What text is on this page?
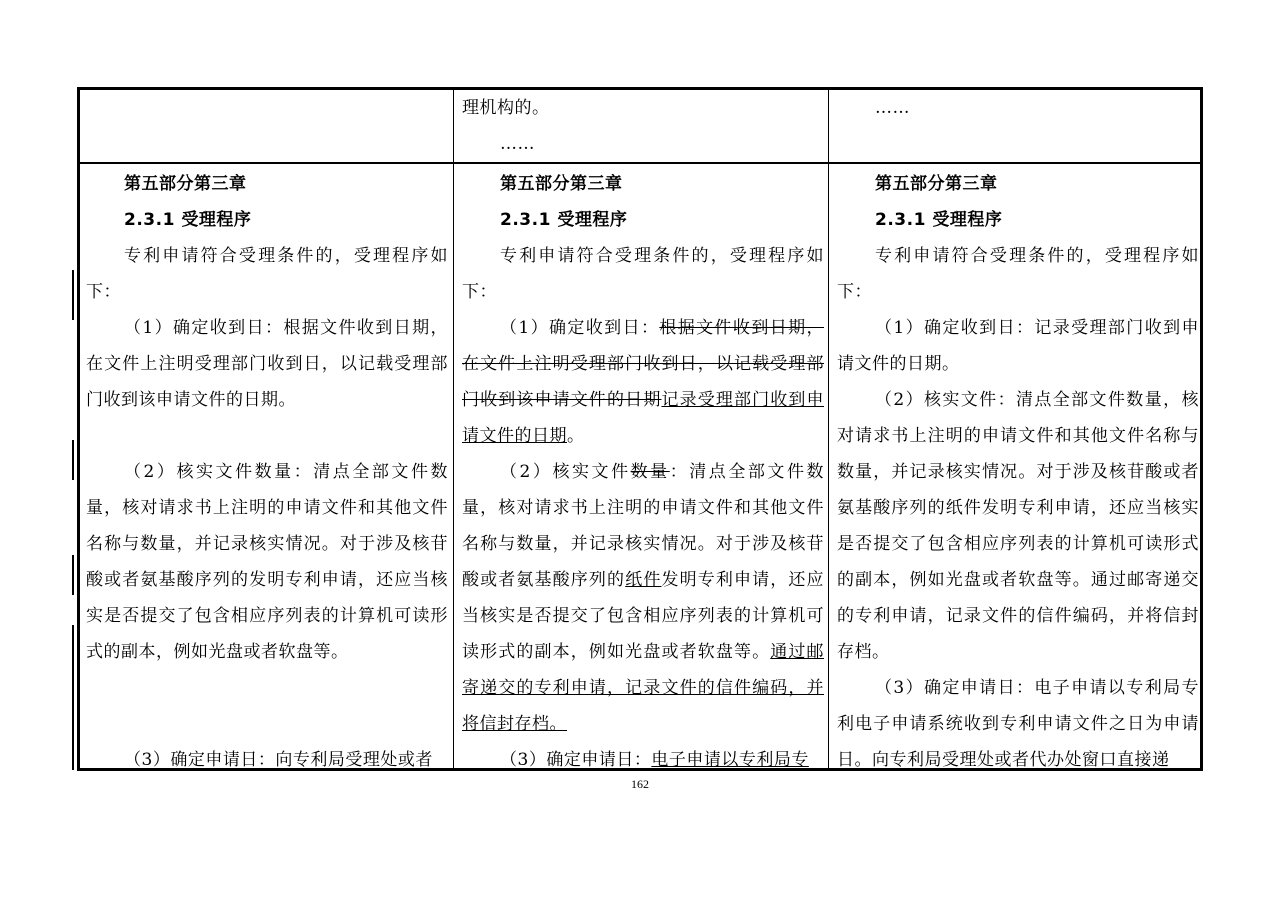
理机构的。

……

……

第五部分第三章

2.3.1 受理程序

专利申请符合受理条件的，受理程序如下：

（1）确定收到日：根据文件收到日期，在文件上注明受理部门收到日，以记载受理部门收到该申请文件的日期。

（2）核实文件数量：清点全部文件数量，核对请求书上注明的申请文件和其他文件名称与数量，并记录核实情况。对于涉及核苷酸或者氨基酸序列的发明专利申请，还应当核实是否提交了包含相应序列表的计算机可读形式的副本，例如光盘或者软盘等。

（3）确定申请日：向专利局受理处或者

第五部分第三章

2.3.1 受理程序

专利申请符合受理条件的，受理程序如下：

（1）确定收到日：根据文件收到日期，在文件上注明受理部门收到日，以记载受理部门收到该申请文件的日期记录受理部门收到申请文件的日期。

（2）核实文件数量：清点全部文件数量，核对请求书上注明的申请文件和其他文件名称与数量，并记录核实情况。对于涉及核苷酸或者氨基酸序列的纸件发明专利申请，还应当核实是否提交了包含相应序列表的计算机可读形式的副本，例如光盘或者软盘等。通过邮寄递交的专利申请，记录文件的信件编码，并将信封存档。

（3）确定申请日：电子申请以专利局专

第五部分第三章

2.3.1 受理程序

专利申请符合受理条件的，受理程序如下：

（1）确定收到日：记录受理部门收到申请文件的日期。

（2）核实文件：清点全部文件数量，核对请求书上注明的申请文件和其他文件名称与数量，并记录核实情况。对于涉及核苷酸或者氨基酸序列的纸件发明专利申请，还应当核实是否提交了包含相应序列表的计算机可读形式的副本，例如光盘或者软盘等。通过邮寄递交的专利申请，记录文件的信件编码，并将信封存档。

（3）确定申请日：电子申请以专利局专利电子申请系统收到专利申请文件之日为申请日。向专利局受理处或者代办处窗口直接递

162
